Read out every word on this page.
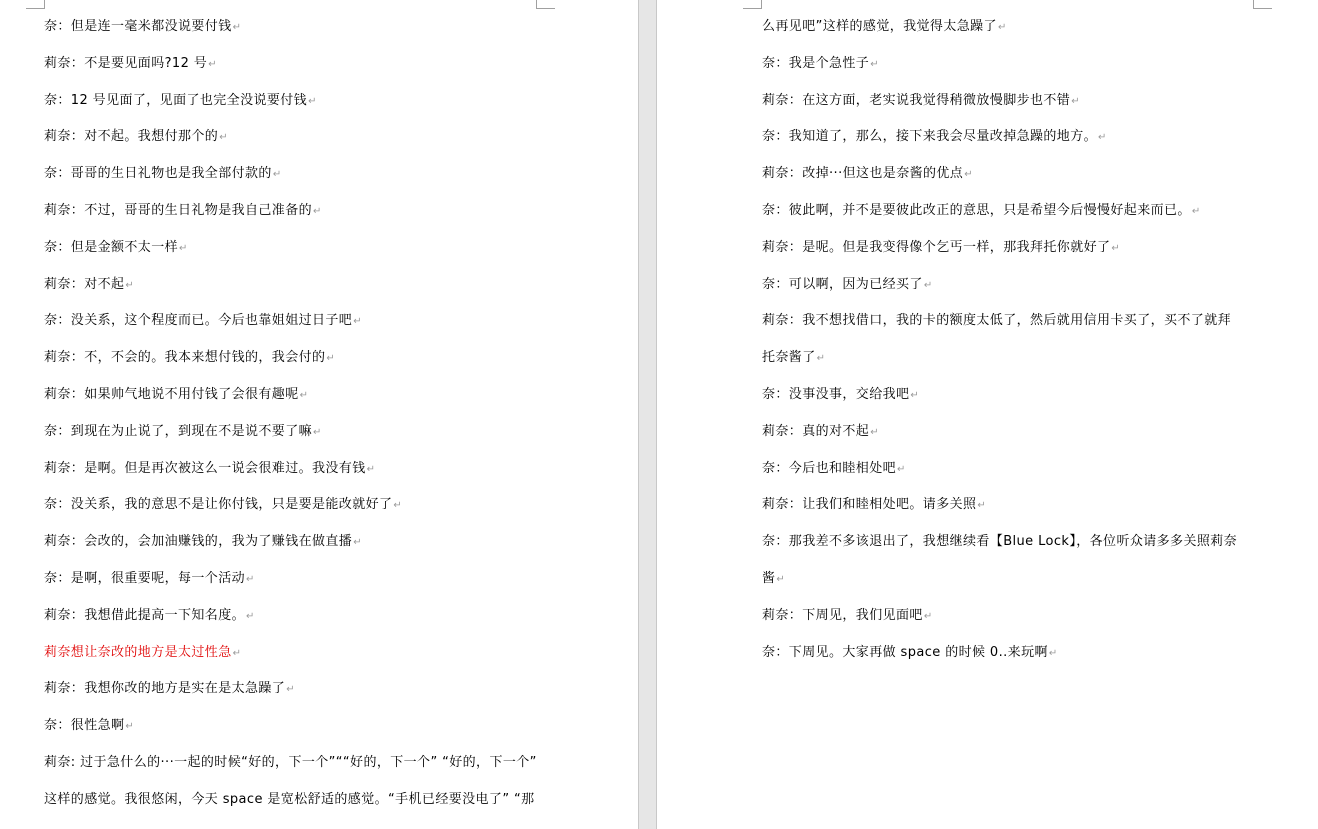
奈：但是连一毫米都没说要付钱↵
莉奈：不是要见面吗?12 号↵
奈：12 号见面了，见面了也完全没说要付钱↵
莉奈：对不起。我想付那个的↵
奈：哥哥的生日礼物也是我全部付款的↵
莉奈：不过，哥哥的生日礼物是我自己准备的↵
奈：但是金额不太一样↵
莉奈：对不起↵
奈：没关系，这个程度而已。今后也靠姐姐过日子吧↵
莉奈：不，不会的。我本来想付钱的，我会付的↵
莉奈：如果帅气地说不用付钱了会很有趣呢↵
奈：到现在为止说了，到现在不是说不要了嘛↵
莉奈：是啊。但是再次被这么一说会很难过。我没有钱↵
奈：没关系，我的意思不是让你付钱，只是要是能改就好了↵
莉奈：会改的，会加油赚钱的，我为了赚钱在做直播↵
奈：是啊，很重要呢，每一个活动↵
莉奈：我想借此提高一下知名度。↵
莉奈想让奈改的地方是太过性急↵
莉奈：我想你改的地方是实在是太急躁了↵
奈：很性急啊↵
莉奈: 过于急什么的···一起的时候“好的，下一个”““好的，下一个” “好的，下一个”
这样的感觉。我很悠闲，今天 space 是宽松舒适的感觉。“手机已经要没电了” “那
么再见吧”这样的感觉，我觉得太急躁了↵
奈：我是个急性子↵
莉奈：在这方面，老实说我觉得稍微放慢脚步也不错↵
奈：我知道了，那么，接下来我会尽量改掉急躁的地方。↵
莉奈：改掉···但这也是奈酱的优点↵
奈：彼此啊，并不是要彼此改正的意思，只是希望今后慢慢好起来而已。↵
莉奈：是呢。但是我变得像个乞丐一样，那我拜托你就好了↵
奈：可以啊，因为已经买了↵
莉奈：我不想找借口，我的卡的额度太低了，然后就用信用卡买了，买不了就拜
托奈酱了↵
奈：没事没事，交给我吧↵
莉奈：真的对不起↵
奈：今后也和睦相处吧↵
莉奈：让我们和睦相处吧。请多关照↵
奈：那我差不多该退出了，我想继续看【Blue Lock】，各位听众请多多关照莉奈
酱↵
莉奈：下周见，我们见面吧↵
奈：下周见。大家再做 space 的时候 0..来玩啊↵
